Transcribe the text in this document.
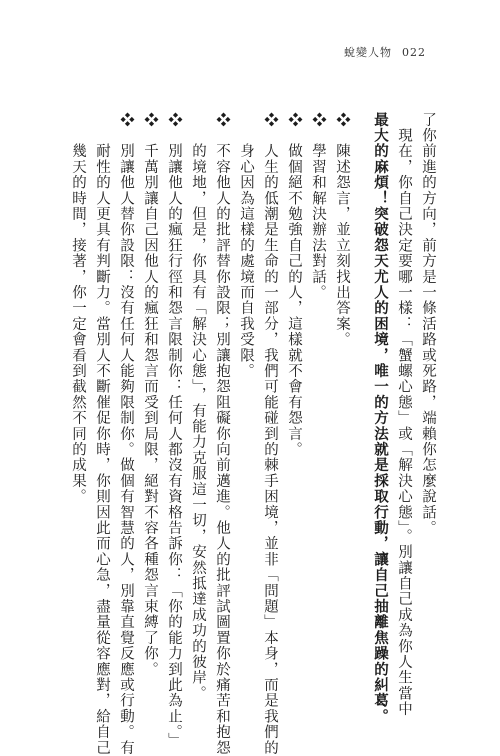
蛻變人物 022
了你前進的方向，前方是一條活路或死路，端賴你怎麼說話。
　現在，你自己決定要哪一樣：「蟹螺心態」或「解決心態」。別讓自己成為你人生當中
最大的麻煩！突破怨天尤人的困境，唯一的方法就是採取行動，讓自己抽離焦躁的糾葛。
❖　陳述怨言，並立刻找出答案。
❖　學習和解決辦法對話。
❖　做個絕不勉強自己的人，這樣就不會有怨言。
❖　人生的低潮是生命的一部分，我們可能碰到的棘手困境，並非「問題」本身，而是我們的
　　身心因為這樣的處境而自我受限。
❖　不容他人的批評替你設限；別讓抱怨阻礙你向前邁進。他人的批評試圖置你於痛苦和抱怨
　　的境地，但是，你具有「解決心態」，有能力克服這一切，安然抵達成功的彼岸。
❖　別讓他人的瘋狂行徑和怨言限制你：任何人都沒有資格告訴你：「你的能力到此為止。」
❖　千萬別讓自己因他人的瘋狂和怨言而受到局限，絕對不容各種怨言束縛了你。
❖　別讓他人替你設限：沒有任何人能夠限制你。做個有智慧的人，別靠直覺反應或行動。有
　　耐性的人更具有判斷力。當別人不斷催促你時，你則因此而心急，盡量從容應對，給自己
　　幾天的時間，接著，你一定會看到截然不同的成果。
